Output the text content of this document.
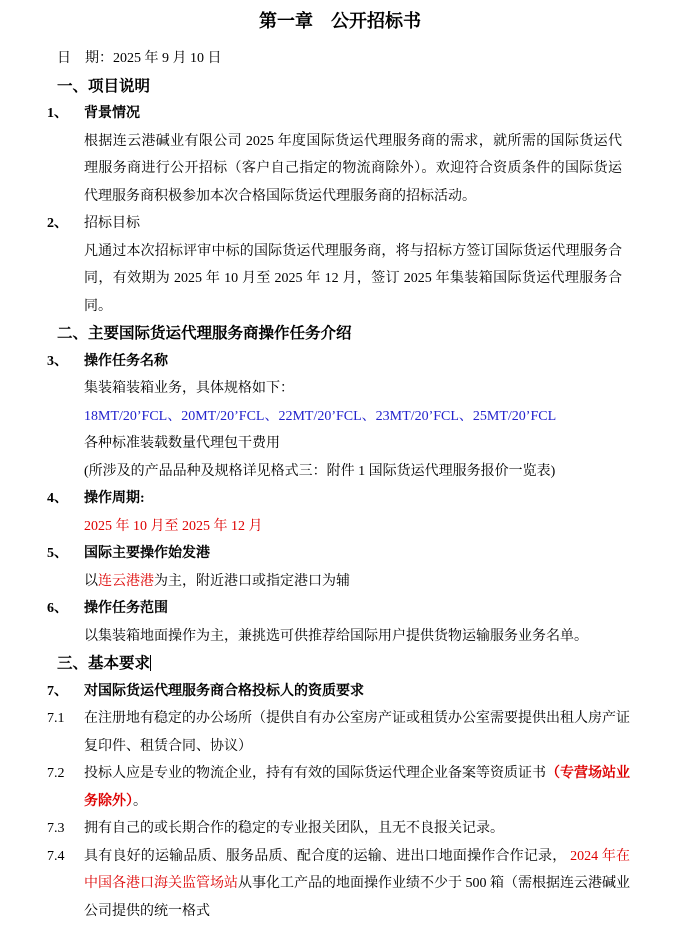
第一章　公开招标书
日　期：2025 年 9 月 10 日
一、项目说明
1、	背景情况
根据连云港碱业有限公司 2025 年度国际货运代理服务商的需求，就所需的国际货运代理服务商进行公开招标（客户自己指定的物流商除外）。欢迎符合资质条件的国际货运代理服务商积极参加本次合格国际货运代理服务商的招标活动。
2、	招标目标
凡通过本次招标评审中标的国际货运代理服务商，将与招标方签订国际货运代理服务合同，有效期为 2025 年 10 月至 2025 年 12 月，签订 2025 年集装箱国际货运代理服务合同。
二、主要国际货运代理服务商操作任务介绍
3、	操作任务名称
集装箱装箱业务，具体规格如下：
18MT/20’FCL、20MT/20’FCL、22MT/20’FCL、23MT/20’FCL、25MT/20’FCL
各种标准装载数量代理包干费用
(所涉及的产品品种及规格详见格式三：附件 1 国际货运代理服务报价一览表)
4、	操作周期:
2025 年 10 月至 2025 年 12 月
5、	国际主要操作始发港
以连云港港为主，附近港口或指定港口为辅
6、	操作任务范围
以集装箱地面操作为主，兼挑选可供推荐给国际用户提供货物运输服务业务名单。
三、基本要求
7、	对国际货运代理服务商合格投标人的资质要求
7.1	在注册地有稳定的办公场所（提供自有办公室房产证或租赁办公室需要提供出租人房产证复印件、租赁合同、协议）
7.2	投标人应是专业的物流企业，持有有效的国际货运代理企业备案等资质证书（专营场站业务除外）。
7.3	拥有自己的或长期合作的稳定的专业报关团队，且无不良报关记录。
7.4	具有良好的运输品质、服务品质、配合度的运输、进出口地面操作合作记录， 2024 年在中国各港口海关监管场站从事化工产品的地面操作业绩不少于 500 箱（需根据连云港碱业公司提供的统一格式
